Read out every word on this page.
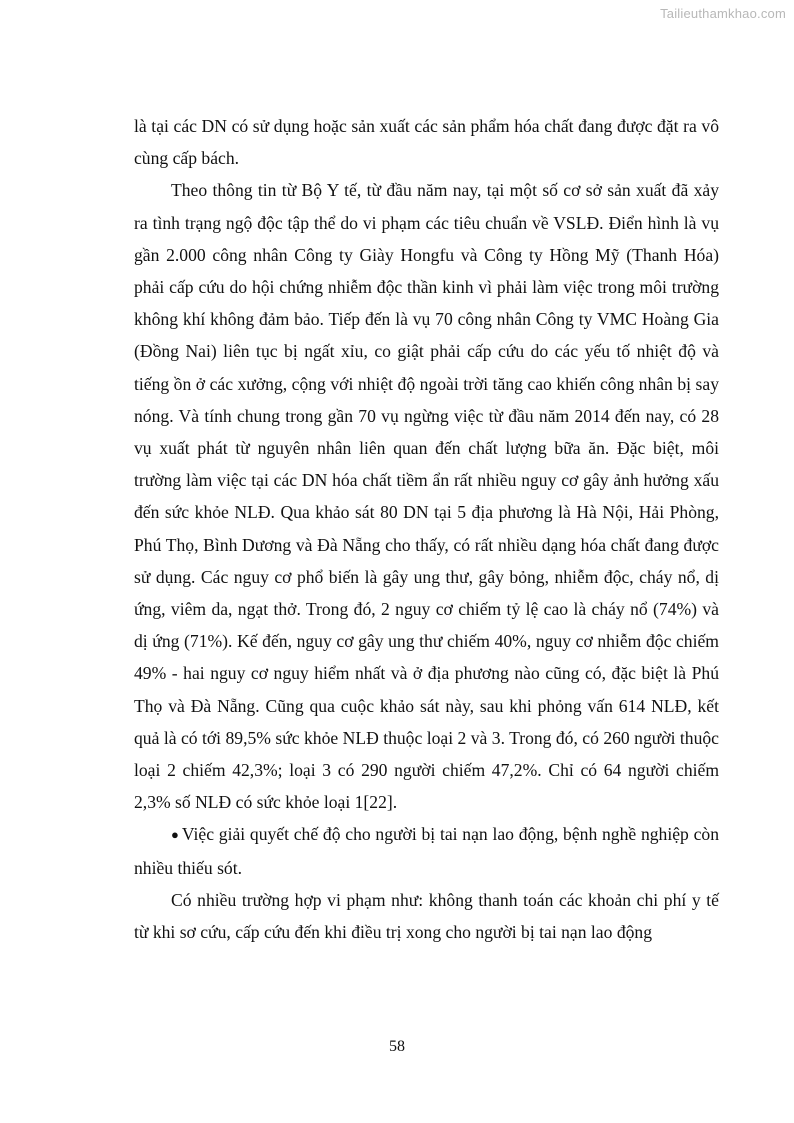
Tailieuthamkhao.com

là tại các DN có sử dụng hoặc sản xuất các sản phẩm hóa chất đang được đặt ra vô cùng cấp bách.

Theo thông tin từ Bộ Y tế, từ đầu năm nay, tại một số cơ sở sản xuất đã xảy ra tình trạng ngộ độc tập thể do vi phạm các tiêu chuẩn về VSLĐ. Điển hình là vụ gần 2.000 công nhân Công ty Giày Hongfu và Công ty Hồng Mỹ (Thanh Hóa) phải cấp cứu do hội chứng nhiễm độc thần kinh vì phải làm việc trong môi trường không khí không đảm bảo. Tiếp đến là vụ 70 công nhân Công ty VMC Hoàng Gia (Đồng Nai) liên tục bị ngất xỉu, co giật phải cấp cứu do các yếu tố nhiệt độ và tiếng ồn ở các xưởng, cộng với nhiệt độ ngoài trời tăng cao khiến công nhân bị say nóng. Và tính chung trong gần 70 vụ ngừng việc từ đầu năm 2014 đến nay, có 28 vụ xuất phát từ nguyên nhân liên quan đến chất lượng bữa ăn. Đặc biệt, môi trường làm việc tại các DN hóa chất tiềm ẩn rất nhiều nguy cơ gây ảnh hưởng xấu đến sức khỏe NLĐ. Qua khảo sát 80 DN tại 5 địa phương là Hà Nội, Hải Phòng, Phú Thọ, Bình Dương và Đà Nẵng cho thấy, có rất nhiều dạng hóa chất đang được sử dụng. Các nguy cơ phổ biến là gây ung thư, gây bỏng, nhiễm độc, cháy nổ, dị ứng, viêm da, ngạt thở. Trong đó, 2 nguy cơ chiếm tỷ lệ cao là cháy nổ (74%) và dị ứng (71%). Kế đến, nguy cơ gây ung thư chiếm 40%, nguy cơ nhiễm độc chiếm 49% - hai nguy cơ nguy hiểm nhất và ở địa phương nào cũng có, đặc biệt là Phú Thọ và Đà Nẵng. Cũng qua cuộc khảo sát này, sau khi phỏng vấn 614 NLĐ, kết quả là có tới 89,5% sức khỏe NLĐ thuộc loại 2 và 3. Trong đó, có 260 người thuộc loại 2 chiếm 42,3%; loại 3 có 290 người chiếm 47,2%. Chỉ có 64 người chiếm 2,3% số NLĐ có sức khỏe loại 1[22].

● Việc giải quyết chế độ cho người bị tai nạn lao động, bệnh nghề nghiệp còn nhiều thiếu sót.

Có nhiều trường hợp vi phạm như: không thanh toán các khoản chi phí y tế từ khi sơ cứu, cấp cứu đến khi điều trị xong cho người bị tai nạn lao động

58
